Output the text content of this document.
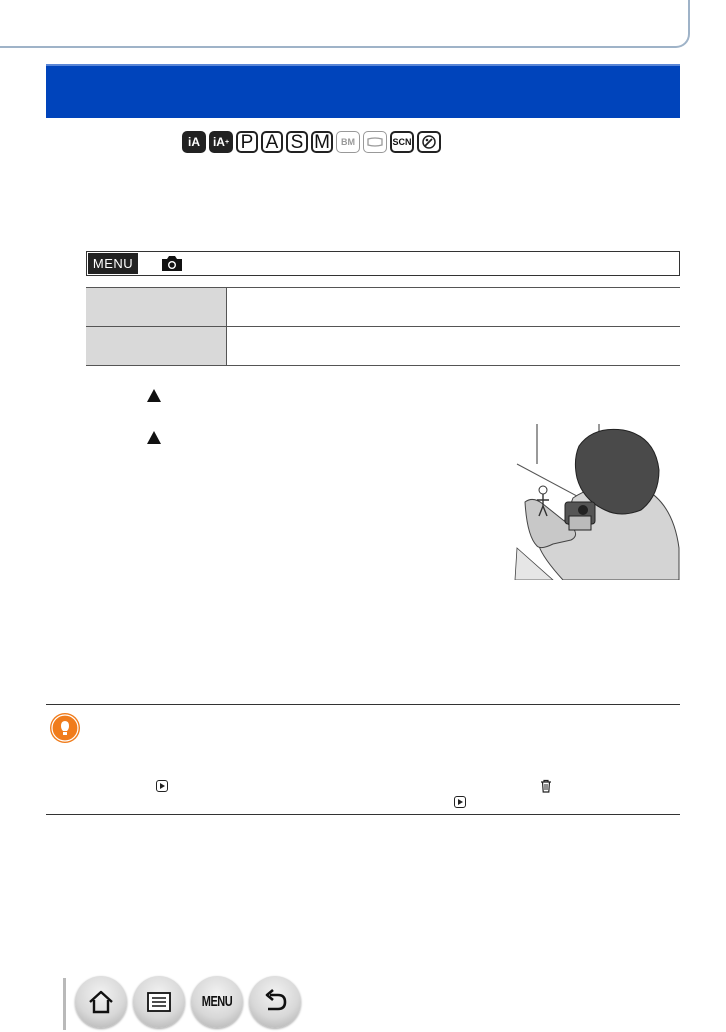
iA iA + P A S M	BM	SCN
MENU

MENU
